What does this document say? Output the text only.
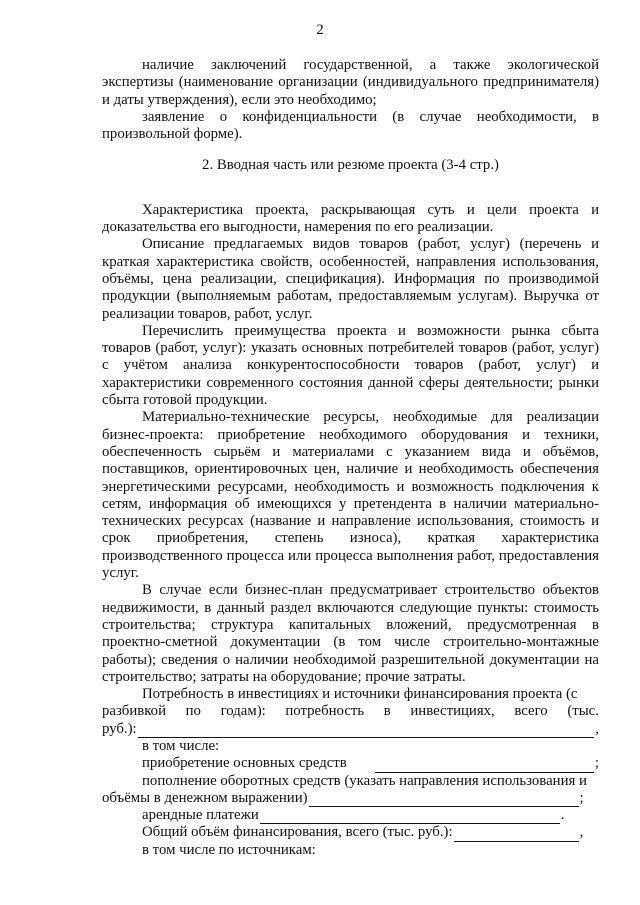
2

наличие заключений государственной, а также экологической экспертизы (наименование организации (индивидуального предпринимателя) и даты утверждения), если это необходимо;

заявление о конфиденциальности (в случае необходимости, в произвольной форме).

2. Вводная часть или резюме проекта (3-4 стр.)

Характеристика проекта, раскрывающая суть и цели проекта и доказательства его выгодности, намерения по его реализации.

Описание предлагаемых видов товаров (работ, услуг) (перечень и краткая характеристика свойств, особенностей, направления использования, объёмы, цена реализации, спецификация). Информация по производимой продукции (выполняемым работам, предоставляемым услугам). Выручка от реализации товаров, работ, услуг.

Перечислить преимущества проекта и возможности рынка сбыта товаров (работ, услуг): указать основных потребителей товаров (работ, услуг) с учётом анализа конкурентоспособности товаров (работ, услуг) и характеристики современного состояния данной сферы деятельности; рынки сбыта готовой продукции.

Материально-технические ресурсы, необходимые для реализации бизнес-проекта: приобретение необходимого оборудования и техники, обеспеченность сырьём и материалами с указанием вида и объёмов, поставщиков, ориентировочных цен, наличие и необходимость обеспечения энергетическими ресурсами, необходимость и возможность подключения к сетям, информация об имеющихся у претендента в наличии материально-технических ресурсах (название и направление использования, стоимость и срок приобретения, степень износа), краткая характеристика производственного процесса или процесса выполнения работ, предоставления услуг.

В случае если бизнес-план предусматривает строительство объектов недвижимости, в данный раздел включаются следующие пункты: стоимость строительства; структура капитальных вложений, предусмотренная в проектно-сметной документации (в том числе строительно-монтажные работы); сведения о наличии необходимой разрешительной документации на строительство; затраты на оборудование; прочие затраты.

Потребность в инвестициях и источники финансирования проекта (с

разбивкой по годам): потребность в инвестициях, всего (тыс.
руб.):	,
в том числе:
приобретение основных средств	;

пополнение оборотных средств (указать направления использования и

объёмы в денежном выражении)	;
арендные платежи	.
Общий объём финансирования, всего (тыс. руб.):	,
в том числе по источникам:
